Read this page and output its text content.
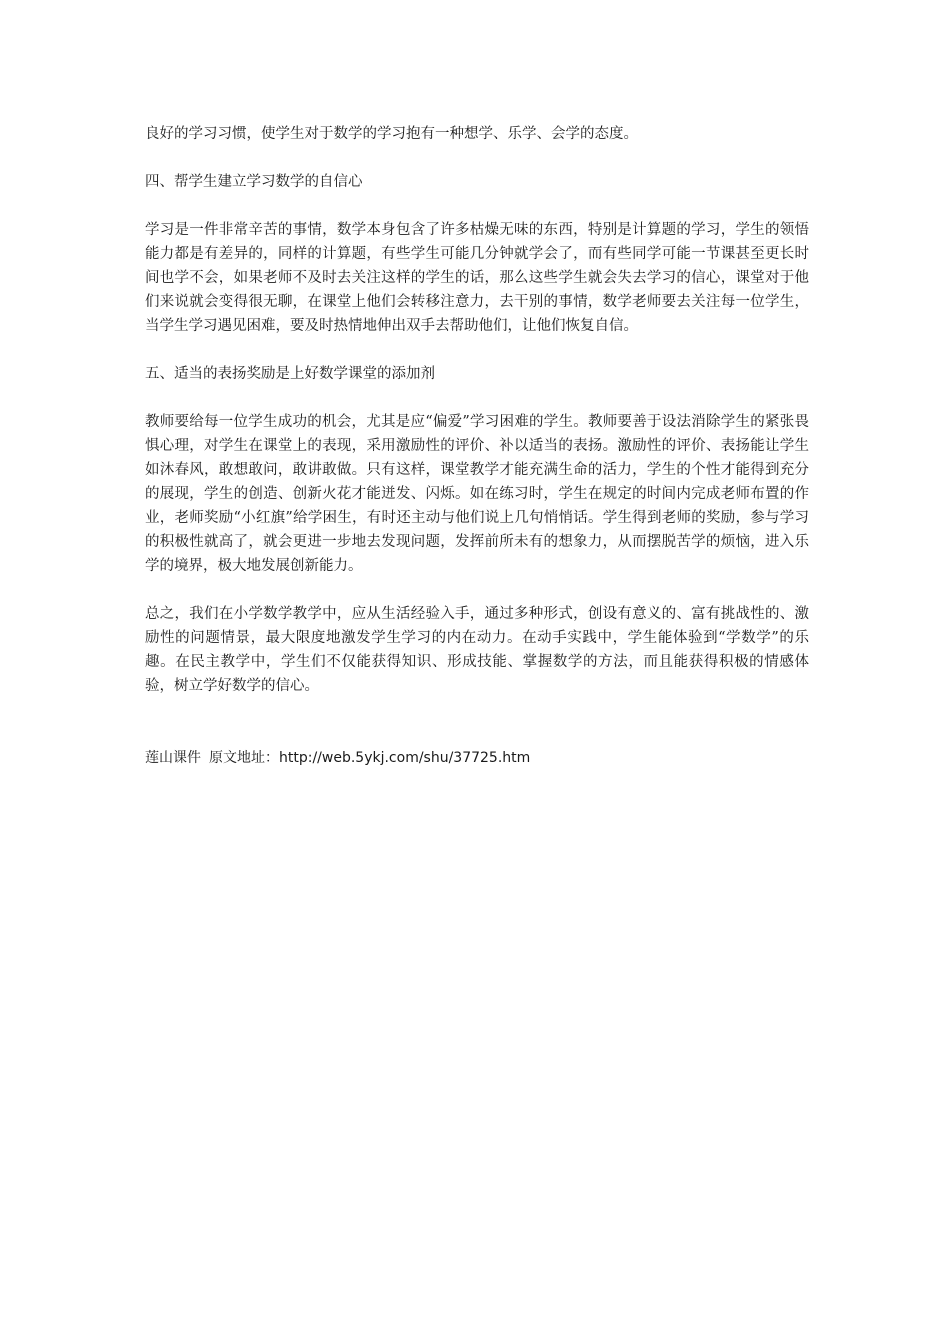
良好的学习习惯，使学生对于数学的学习抱有一种想学、乐学、会学的态度。

四、帮学生建立学习数学的自信心

学习是一件非常辛苦的事情，数学本身包含了许多枯燥无味的东西，特别是计算题的学习，学生的领悟能力都是有差异的，同样的计算题，有些学生可能几分钟就学会了，而有些同学可能一节课甚至更长时间也学不会，如果老师不及时去关注这样的学生的话，那么这些学生就会失去学习的信心，课堂对于他们来说就会变得很无聊，在课堂上他们会转移注意力，去干别的事情，数学老师要去关注每一位学生，当学生学习遇见困难，要及时热情地伸出双手去帮助他们，让他们恢复自信。

五、适当的表扬奖励是上好数学课堂的添加剂

教师要给每一位学生成功的机会，尤其是应“偏爱”学习困难的学生。教师要善于设法消除学生的紧张畏惧心理，对学生在课堂上的表现，采用激励性的评价、补以适当的表扬。激励性的评价、表扬能让学生如沐春风，敢想敢问，敢讲敢做。只有这样，课堂教学才能充满生命的活力，学生的个性才能得到充分的展现，学生的创造、创新火花才能迸发、闪烁。如在练习时，学生在规定的时间内完成老师布置的作业，老师奖励“小红旗”给学困生，有时还主动与他们说上几句悄悄话。学生得到老师的奖励，参与学习的积极性就高了，就会更进一步地去发现问题，发挥前所未有的想象力，从而摆脱苦学的烦恼，进入乐学的境界，极大地发展创新能力。

总之，我们在小学数学教学中，应从生活经验入手，通过多种形式，创设有意义的、富有挑战性的、激励性的问题情景，最大限度地激发学生学习的内在动力。在动手实践中，学生能体验到“学数学”的乐趣。在民主教学中，学生们不仅能获得知识、形成技能、掌握数学的方法，而且能获得积极的情感体验，树立学好数学的信心。

莲山课件 原文地址：http://web.5ykj.com/shu/37725.htm
